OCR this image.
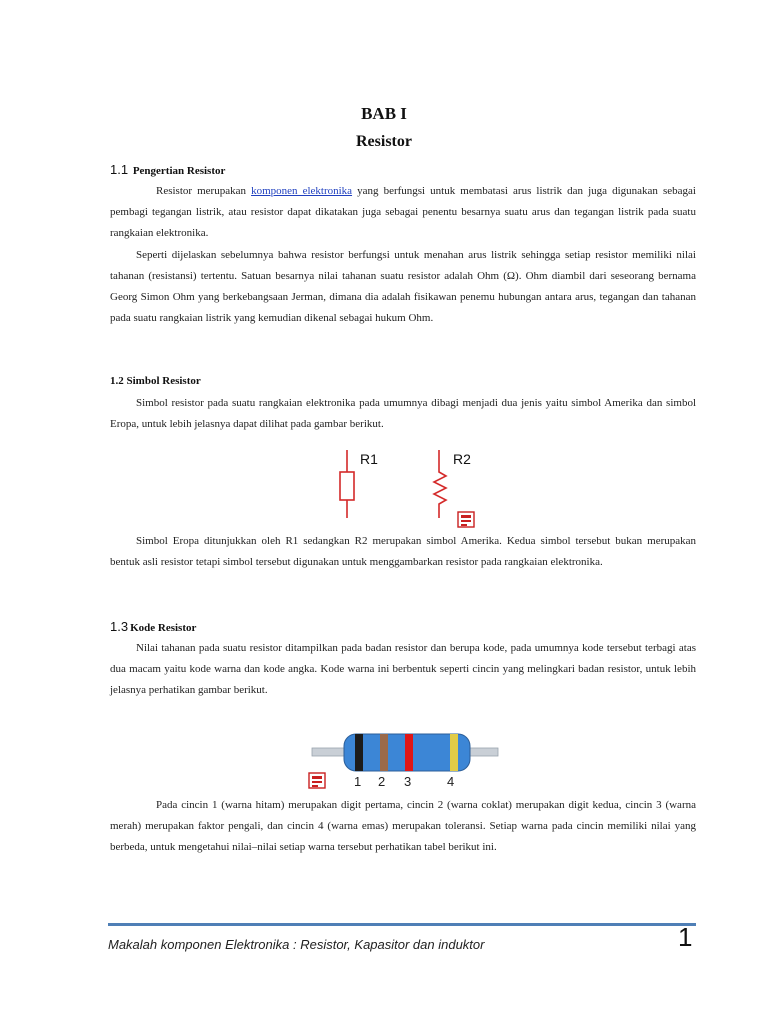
BAB I
Resistor
1.1 Pengertian Resistor

Resistor merupakan komponen elektronika yang berfungsi untuk membatasi arus listrik dan juga digunakan sebagai pembagi tegangan listrik, atau resistor dapat dikatakan juga sebagai penentu besarnya suatu arus dan tegangan listrik pada suatu rangkaian elektronika.

Seperti dijelaskan sebelumnya bahwa resistor berfungsi untuk menahan arus listrik sehingga setiap resistor memiliki nilai tahanan (resistansi) tertentu. Satuan besarnya nilai tahanan suatu resistor adalah Ohm (Ω). Ohm diambil dari seseorang bernama Georg Simon Ohm yang berkebangsaan Jerman, dimana dia adalah fisikawan penemu hubungan antara arus, tegangan dan tahanan pada suatu rangkaian listrik yang kemudian dikenal sebagai hukum Ohm.

1.2 Simbol Resistor

Simbol resistor pada suatu rangkaian elektronika pada umumnya dibagi menjadi dua jenis yaitu simbol Amerika dan simbol Eropa, untuk lebih jelasnya dapat dilihat pada gambar berikut.

R1	R2

Simbol Eropa ditunjukkan oleh R1 sedangkan R2 merupakan simbol Amerika. Kedua simbol tersebut bukan merupakan bentuk asli resistor tetapi simbol tersebut digunakan untuk menggambarkan resistor pada rangkaian elektronika.

1.3 Kode Resistor

Nilai tahanan pada suatu resistor ditampilkan pada badan resistor dan berupa kode, pada umumnya kode tersebut terbagi atas dua macam yaitu kode warna dan kode angka. Kode warna ini berbentuk seperti cincin yang melingkari badan resistor, untuk lebih jelasnya perhatikan gambar berikut.

1 2 3	4

Pada cincin 1 (warna hitam) merupakan digit pertama, cincin 2 (warna coklat) merupakan digit kedua, cincin 3 (warna merah) merupakan faktor pengali, dan cincin 4 (warna emas) merupakan toleransi. Setiap warna pada cincin memiliki nilai yang berbeda, untuk mengetahui nilai–nilai setiap warna tersebut perhatikan tabel berikut ini.

Makalah komponen Elektronika : Resistor, Kapasitor dan induktor	1
